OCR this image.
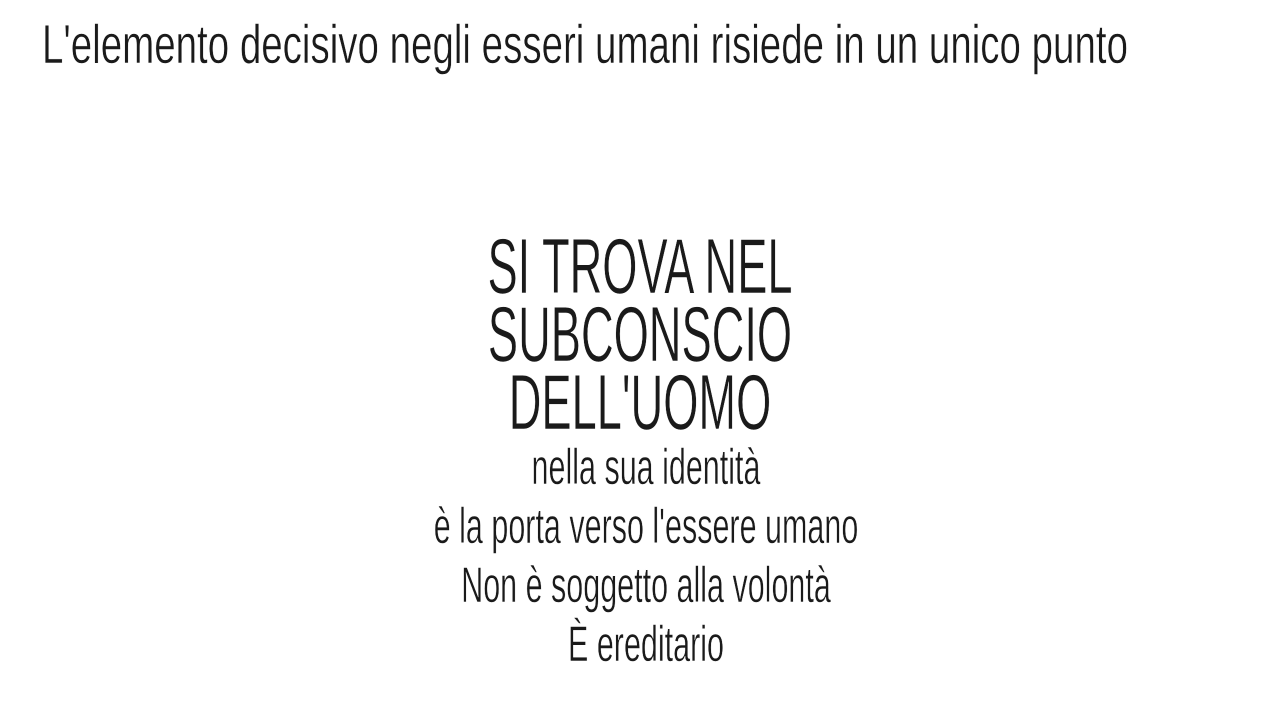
L'elemento decisivo negli esseri umani risiede in un unico punto
SI TROVA NEL
SUBCONSCIO
DELL'UOMO
nella sua identità
è la porta verso l'essere umano
Non è soggetto alla volontà
È ereditario
